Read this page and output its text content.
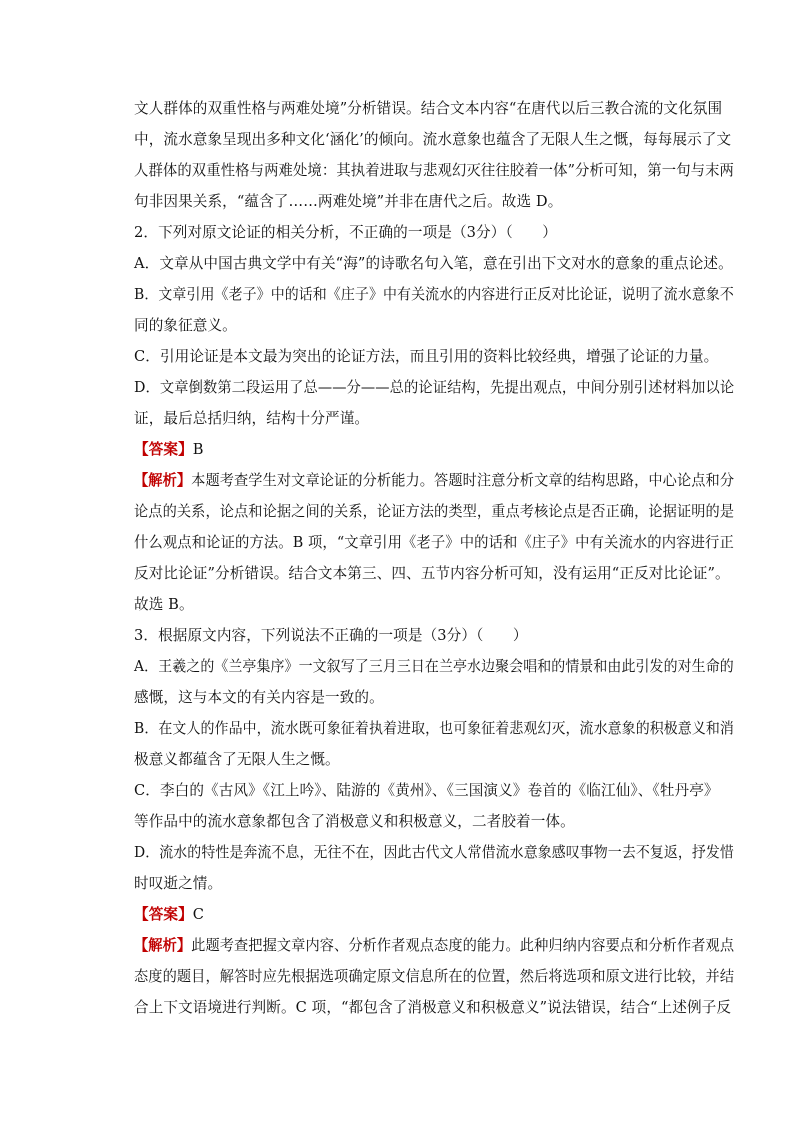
文人群体的双重性格与两难处境”分析错误。结合文本内容“在唐代以后三教合流的文化氛围
中，流水意象呈现出多种文化‘涵化’的倾向。流水意象也蕴含了无限人生之慨，每每展示了文
人群体的双重性格与两难处境：其执着进取与悲观幻灭往往胶着一体”分析可知，第一句与末两
句非因果关系，“蕴含了……两难处境”并非在唐代之后。故选 D。
2．下列对原文论证的相关分析，不正确的一项是（3分）（　　）
A．文章从中国古典文学中有关“海”的诗歌名句入笔，意在引出下文对水的意象的重点论述。
B．文章引用《老子》中的话和《庄子》中有关流水的内容进行正反对比论证，说明了流水意象不
同的象征意义。
C．引用论证是本文最为突出的论证方法，而且引用的资料比较经典，增强了论证的力量。
D．文章倒数第二段运用了总——分——总的论证结构，先提出观点，中间分别引述材料加以论
证，最后总括归纳，结构十分严谨。
【答案】B
【解析】本题考查学生对文章论证的分析能力。答题时注意分析文章的结构思路，中心论点和分
论点的关系，论点和论据之间的关系，论证方法的类型，重点考核论点是否正确，论据证明的是
什么观点和论证的方法。B 项，“文章引用《老子》中的话和《庄子》中有关流水的内容进行正
反对比论证”分析错误。结合文本第三、四、五节内容分析可知，没有运用“正反对比论证”。
故选 B。
3．根据原文内容，下列说法不正确的一项是（3分）（　　）
A．王羲之的《兰亭集序》一文叙写了三月三日在兰亭水边聚会唱和的情景和由此引发的对生命的
感慨，这与本文的有关内容是一致的。
B．在文人的作品中，流水既可象征着执着进取，也可象征着悲观幻灭，流水意象的积极意义和消
极意义都蕴含了无限人生之慨。
C．李白的《古风》《江上吟》、陆游的《黄州》、《三国演义》卷首的《临江仙》、《牡丹亭》
等作品中的流水意象都包含了消极意义和积极意义，二者胶着一体。
D．流水的特性是奔流不息，无往不在，因此古代文人常借流水意象感叹事物一去不复返，抒发惜
时叹逝之情。
【答案】C
【解析】此题考查把握文章内容、分析作者观点态度的能力。此种归纳内容要点和分析作者观点
态度的题目，解答时应先根据选项确定原文信息所在的位置，然后将选项和原文进行比较，并结
合上下文语境进行判断。C 项，“都包含了消极意义和积极意义”说法错误，结合“上述例子反
